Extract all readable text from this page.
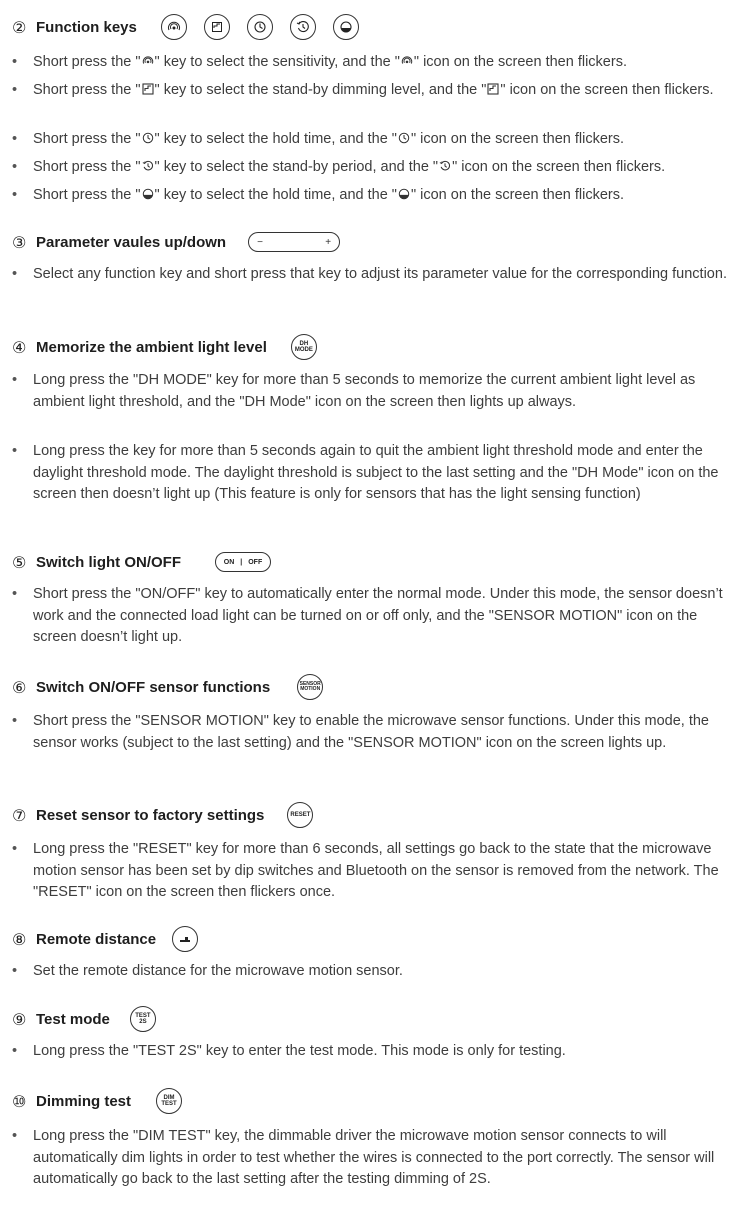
② Function keys
• Short press the " " key to select the sensitivity, and the " " icon on the screen then flickers.
• Short press the " " key to select the stand-by dimming level, and the " " icon on the screen then flickers.
• Short press the " " key to select the hold time, and the " " icon on the screen then flickers.
• Short press the " " key to select the stand-by period, and the " " icon on the screen then flickers.
• Short press the " " key to select the hold time, and the " " icon on the screen then flickers.
③ Parameter vaules up/down	−	+
• Select any function key and short press that key to adjust its parameter value for the corresponding function.
④ Memorize the ambient light level	DH
MODE
• Long press the "DH MODE" key for more than 5 seconds to memorize the current ambient light level as ambient light threshold, and the "DH Mode" icon on the screen then lights up always.
• Long press the key for more than 5 seconds again to quit the ambient light threshold mode and enter the daylight threshold mode. The daylight threshold is subject to the last setting and the "DH Mode" icon on the screen then doesn’t light up (This feature is only for sensors that has the light sensing function)
⑤ Switch light ON/OFF	ON | OFF
• Short press the "ON/OFF" key to automatically enter the normal mode. Under this mode, the sensor doesn’t work and the connected load light can be turned on or off only, and the "SENSOR MOTION" icon on the screen doesn’t light up.
⑥ Switch ON/OFF sensor functions	SENSOR
MOTION
• Short press the "SENSOR MOTION" key to enable the microwave sensor functions. Under this mode, the sensor works (subject to the last setting) and the "SENSOR MOTION" icon on the screen lights up.
⑦ Reset sensor to factory settings	RESET
• Long press the "RESET" key for more than 6 seconds, all settings go back to the state that the microwave motion sensor has been set by dip switches and Bluetooth on the sensor is removed from the network. The "RESET" icon on the screen then flickers once.
⑧ Remote distance
• Set the remote distance for the microwave motion sensor.
⑨ Test mode	TEST
2S
• Long press the "TEST 2S" key to enter the test mode. This mode is only for testing.
⑩ Dimming test	DIM
TEST
• Long press the "DIM TEST" key, the dimmable driver the microwave motion sensor connects to will automatically dim lights in order to test whether the wires is connected to the port correctly. The sensor will automatically go back to the last setting after the testing dimming of 2S.
